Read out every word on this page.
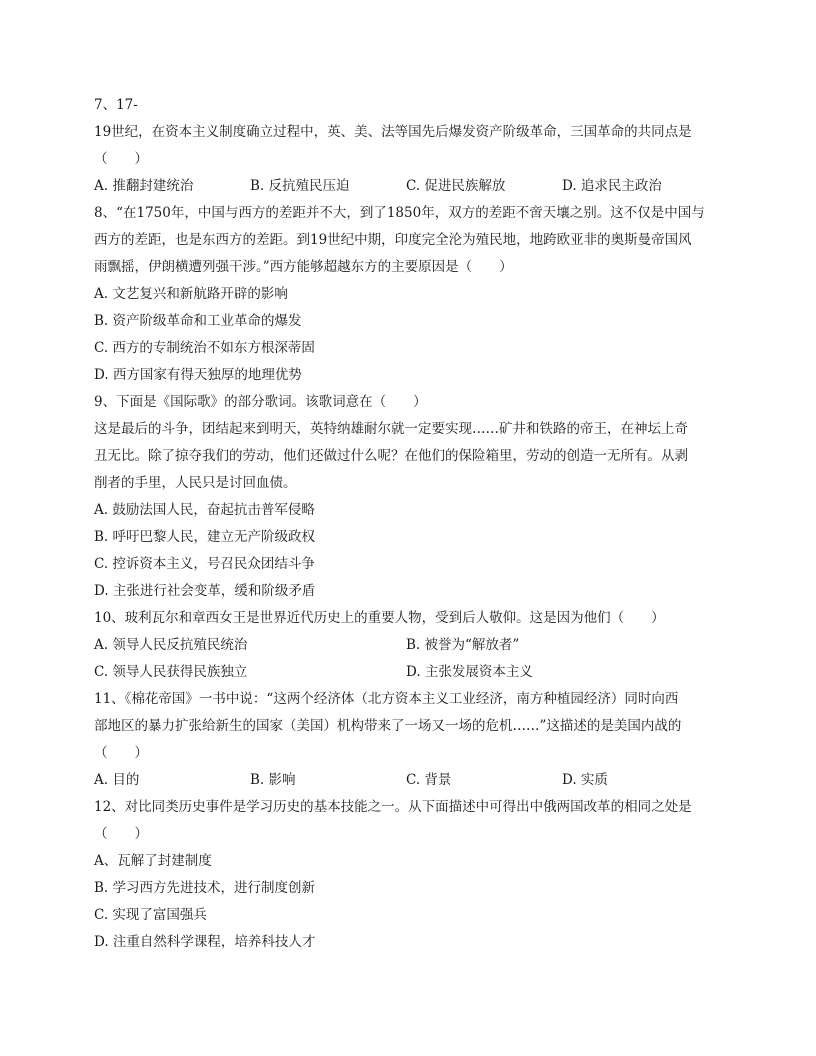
7、17-
19世纪，在资本主义制度确立过程中，英、美、法等国先后爆发资产阶级革命，三国革命的共同点是
（　　）
A. 推翻封建统治	B. 反抗殖民压迫	C. 促进民族解放	D. 追求民主政治
8、“在1750年，中国与西方的差距并不大，到了1850年，双方的差距不啻天壤之别。这不仅是中国与
西方的差距，也是东西方的差距。到19世纪中期，印度完全沦为殖民地，地跨欧亚非的奥斯曼帝国风
雨飘摇，伊朗横遭列强干涉。”西方能够超越东方的主要原因是（　　）
A. 文艺复兴和新航路开辟的影响
B. 资产阶级革命和工业革命的爆发
C. 西方的专制统治不如东方根深蒂固
D. 西方国家有得天独厚的地理优势
9、下面是《国际歌》的部分歌词。该歌词意在（　　）
这是最后的斗争，团结起来到明天，英特纳雄耐尔就一定要实现……矿井和铁路的帝王，在神坛上奇
丑无比。除了掠夺我们的劳动，他们还做过什么呢？在他们的保险箱里，劳动的创造一无所有。从剥
削者的手里，人民只是讨回血债。
A. 鼓励法国人民，奋起抗击普军侵略
B. 呼吁巴黎人民，建立无产阶级政权
C. 控诉资本主义，号召民众团结斗争
D. 主张进行社会变革，缓和阶级矛盾
10、玻利瓦尔和章西女王是世界近代历史上的重要人物，受到后人敬仰。这是因为他们（　　）
A. 领导人民反抗殖民统治	B. 被誉为“解放者”
C. 领导人民获得民族独立	D. 主张发展资本主义
11、《棉花帝国》一书中说：“这两个经济体（北方资本主义工业经济，南方种植园经济）同时向西
部地区的暴力扩张给新生的国家（美国）机构带来了一场又一场的危机……”这描述的是美国内战的
（　　）
A. 目的	B. 影响	C. 背景	D. 实质
12、对比同类历史事件是学习历史的基本技能之一。从下面描述中可得出中俄两国改革的相同之处是
（　　）
A、瓦解了封建制度
B. 学习西方先进技术，进行制度创新
C. 实现了富国强兵
D. 注重自然科学课程，培养科技人才
